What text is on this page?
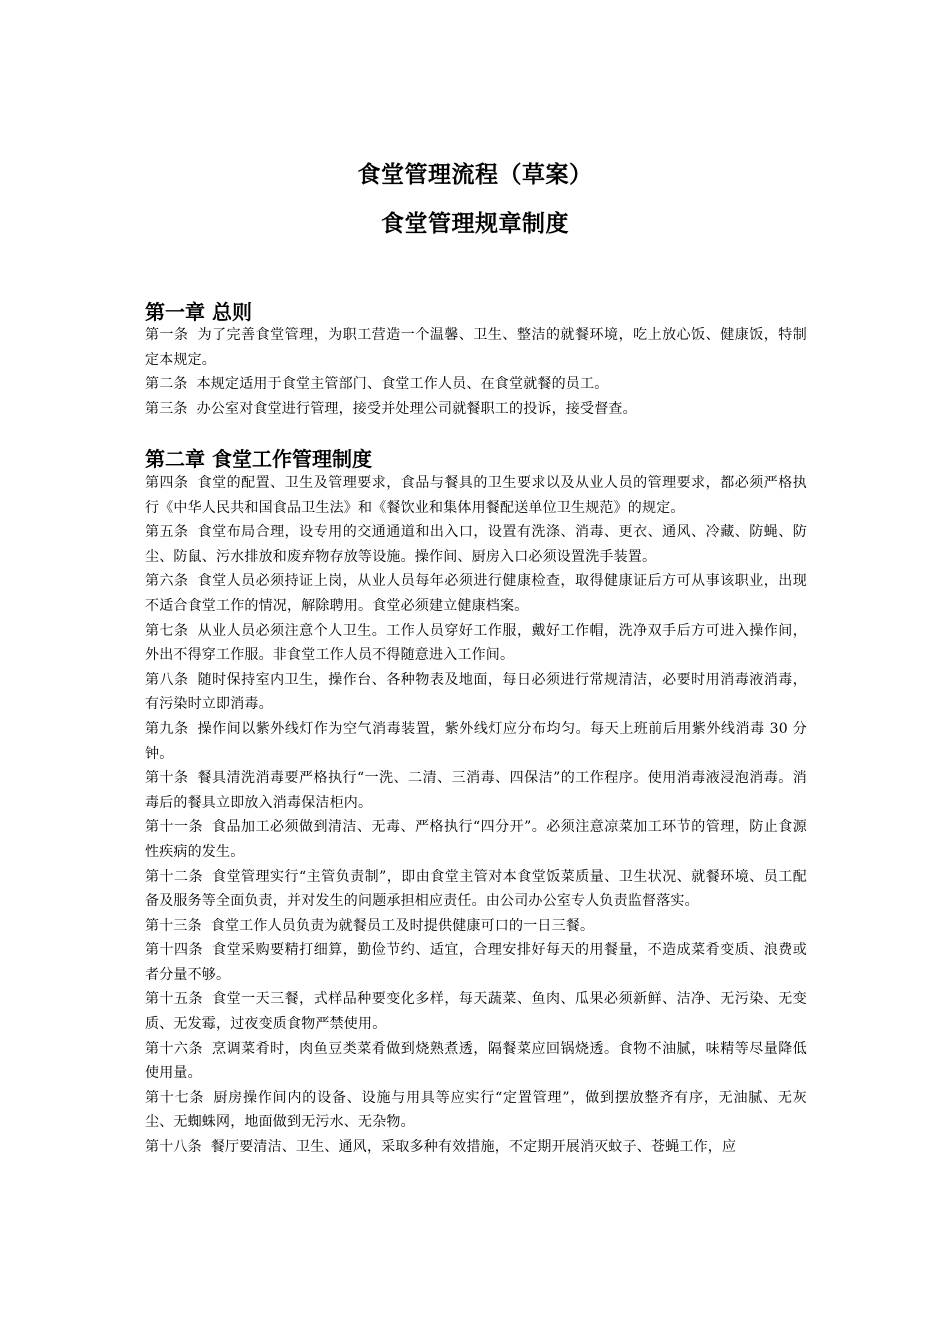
食堂管理流程（草案）
食堂管理规章制度
第一章 总则

第一条 为了完善食堂管理，为职工营造一个温馨、卫生、整洁的就餐环境，吃上放心饭、健康饭，特制定本规定。

第二条 本规定适用于食堂主管部门、食堂工作人员、在食堂就餐的员工。

第三条 办公室对食堂进行管理，接受并处理公司就餐职工的投诉，接受督查。

第二章 食堂工作管理制度

第四条 食堂的配置、卫生及管理要求，食品与餐具的卫生要求以及从业人员的管理要求，都必须严格执行《中华人民共和国食品卫生法》和《餐饮业和集体用餐配送单位卫生规范》的规定。

第五条 食堂布局合理，设专用的交通通道和出入口，设置有洗涤、消毒、更衣、通风、冷藏、防蝇、防尘、防鼠、污水排放和废弃物存放等设施。操作间、厨房入口必须设置洗手装置。

第六条 食堂人员必须持证上岗，从业人员每年必须进行健康检查，取得健康证后方可从事该职业，出现不适合食堂工作的情况，解除聘用。食堂必须建立健康档案。

第七条 从业人员必须注意个人卫生。工作人员穿好工作服，戴好工作帽，洗净双手后方可进入操作间，外出不得穿工作服。非食堂工作人员不得随意进入工作间。

第八条 随时保持室内卫生，操作台、各种物表及地面，每日必须进行常规清洁，必要时用消毒液消毒，有污染时立即消毒。

第九条 操作间以紫外线灯作为空气消毒装置，紫外线灯应分布均匀。每天上班前后用紫外线消毒 30 分钟。

第十条 餐具清洗消毒要严格执行“一洗、二清、三消毒、四保洁”的工作程序。使用消毒液浸泡消毒。消毒后的餐具立即放入消毒保洁柜内。

第十一条 食品加工必须做到清洁、无毒、严格执行“四分开”。必须注意凉菜加工环节的管理，防止食源性疾病的发生。

第十二条 食堂管理实行“主管负责制”，即由食堂主管对本食堂饭菜质量、卫生状况、就餐环境、员工配备及服务等全面负责，并对发生的问题承担相应责任。由公司办公室专人负责监督落实。

第十三条 食堂工作人员负责为就餐员工及时提供健康可口的一日三餐。

第十四条 食堂采购要精打细算，勤俭节约、适宜，合理安排好每天的用餐量，不造成菜肴变质、浪费或者分量不够。

第十五条 食堂一天三餐，式样品种要变化多样，每天蔬菜、鱼肉、瓜果必须新鲜、洁净、无污染、无变质、无发霉，过夜变质食物严禁使用。

第十六条 烹调菜肴时，肉鱼豆类菜肴做到烧熟煮透，隔餐菜应回锅烧透。食物不油腻，味精等尽量降低使用量。

第十七条 厨房操作间内的设备、设施与用具等应实行“定置管理”，做到摆放整齐有序，无油腻、无灰尘、无蜘蛛网，地面做到无污水、无杂物。

第十八条 餐厅要清洁、卫生、通风，采取多种有效措施，不定期开展消灭蚊子、苍蝇工作，应
